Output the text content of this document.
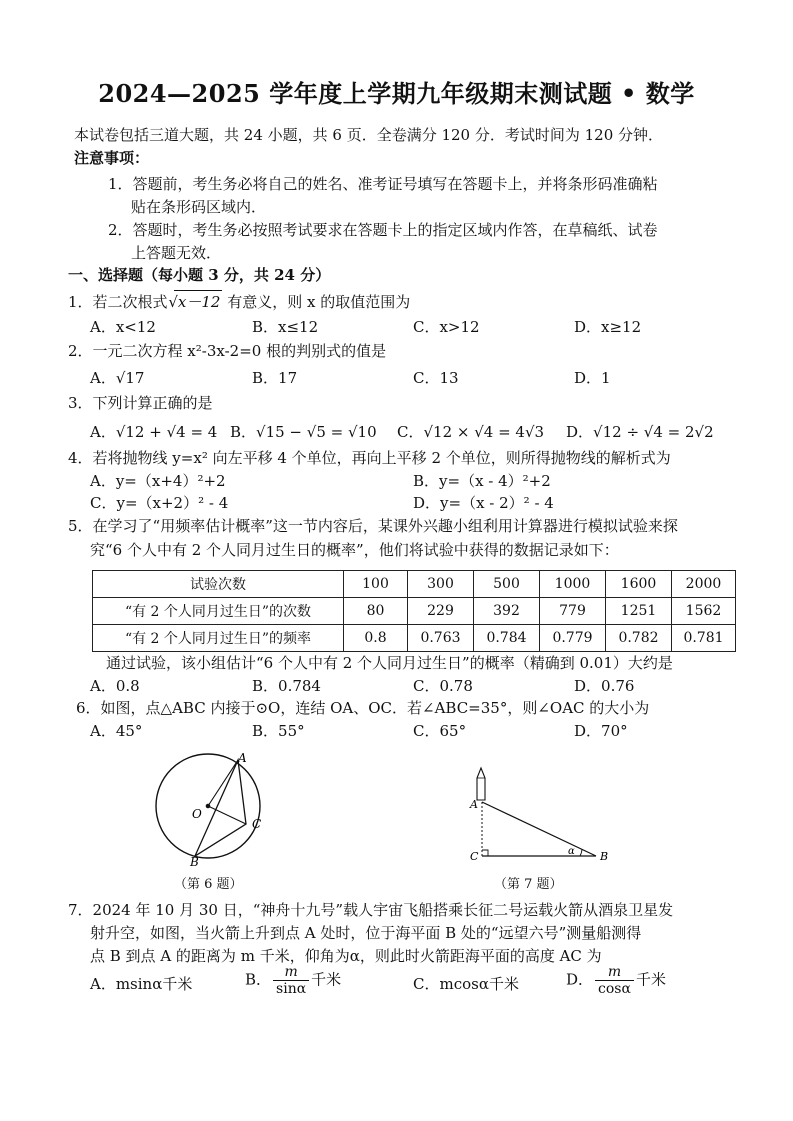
2024—2025 学年度上学期九年级期末测试题 • 数学
本试卷包括三道大题，共 24 小题，共 6 页．全卷满分 120 分．考试时间为 120 分钟．
注意事项：
1．答题前，考生务必将自己的姓名、准考证号填写在答题卡上，并将条形码准确粘
贴在条形码区域内．
2．答题时，考生务必按照考试要求在答题卡上的指定区域内作答，在草稿纸、试卷
上答题无效．
一、选择题（每小题 3 分，共 24 分）
1．若二次根式 √x－12 有意义，则 x 的取值范围为
A．x<12	B．x≤12	C．x>12	D．x≥12
2．一元二次方程 x²-3x-2=0 根的判别式的值是
A．√17	B．17	C．13	D．1
3．下列计算正确的是
A．√12 + √4 = 4 B．√15 − √5 = √10 C．√12 × √4 = 4√3 D．√12 ÷ √4 = 2√2
4．若将抛物线 y=x² 向左平移 4 个单位，再向上平移 2 个单位，则所得抛物线的解析式为
A．y=（x+4）²+2	B．y=（x - 4）²+2
C．y=（x+2）² - 4	D．y=（x - 2）² - 4
5．在学习了“用频率估计概率”这一节内容后，某课外兴趣小组利用计算器进行模拟试验来探
究“6 个人中有 2 个人同月过生日的概率”，他们将试验中获得的数据记录如下：
试验次数	100	300	500	1000	1600	2000
“有 2 个人同月过生日”的次数	80	229	392	779	1251	1562
“有 2 个人同月过生日”的频率	0.8	0.763	0.784	0.779	0.782	0.781
通过试验，该小组估计“6 个人中有 2 个人同月过生日”的概率（精确到 0.01）大约是
A．0.8	B．0.784	C．0.78	D．0.76
6．如图，点△ABC 内接于⊙O，连结 OA、OC．若∠ABC=35°，则∠OAC 的大小为
A．45°	B．55°	C．65°	D．70°
A
C
B
O
（第 6 题）
A
C	B
α
（第 7 题）
7．2024 年 10 月 30 日，“神舟十九号”载人宇宙飞船搭乘长征二号运载火箭从酒泉卫星发
射升空，如图，当火箭上升到点 A 处时，位于海平面 B 处的“远望六号”测量船测得
点 B 到点 A 的距离为 m 千米，仰角为α，则此时火箭距海平面的高度 AC 为
A．msinα千米	B． $\frac{m}{\sin\alpha}$ 千米	C．mcosα千米	D． $\frac{m}{\cos\alpha}$ 千米
